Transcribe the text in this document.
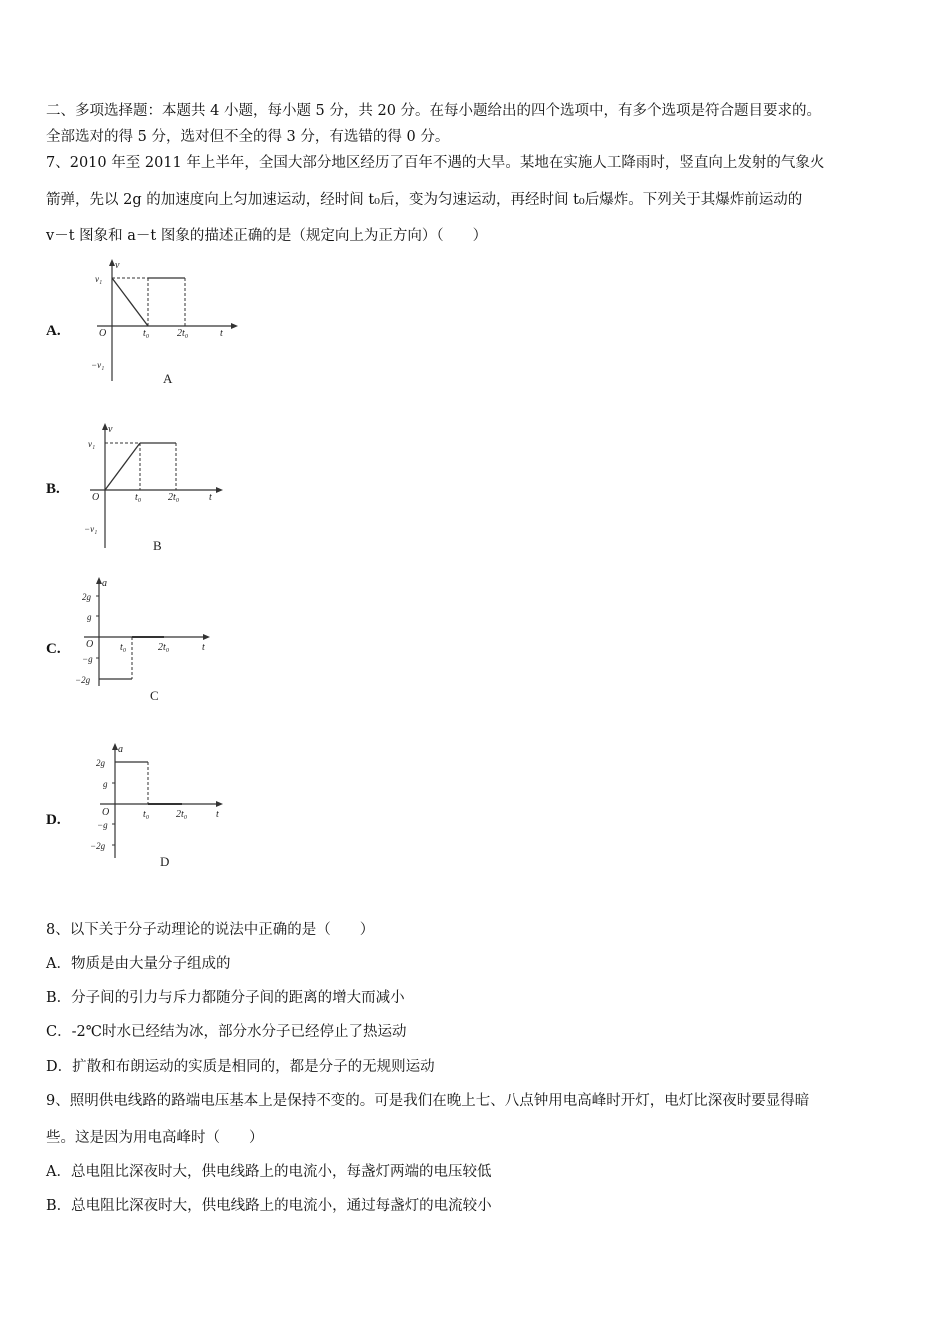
二、多项选择题：本题共 4 小题，每小题 5 分，共 20 分。在每小题给出的四个选项中，有多个选项是符合题目要求的。
全部选对的得 5 分，选对但不全的得 3 分，有选错的得 0 分。
7、2010 年至 2011 年上半年，全国大部分地区经历了百年不遇的大旱。某地在实施人工降雨时，竖直向上发射的气象火
箭弹，先以 2g 的加速度向上匀加速运动，经时间 t₀后，变为匀速运动，再经时间 t₀后爆炸。下列关于其爆炸前运动的
v－t 图象和 a－t 图象的描述正确的是（规定向上为正方向）（　　）
A.
v
v₁
O
−v₁
t₀	2t₀	t
A
B.
v
v₁
O
−v₁
t₀	2t₀	t
B
C.
a
2g
g
O
−g
−2g
t₀	2t₀	t
C
D.
a
2g
g
O
−g
−2g
t₀	2t₀	t
D
8、以下关于分子动理论的说法中正确的是（　　）
A．物质是由大量分子组成的
B．分子间的引力与斥力都随分子间的距离的增大而减小
C．-2℃时水已经结为冰，部分水分子已经停止了热运动
D．扩散和布朗运动的实质是相同的，都是分子的无规则运动
9、照明供电线路的路端电压基本上是保持不变的。可是我们在晚上七、八点钟用电高峰时开灯，电灯比深夜时要显得暗
些。这是因为用电高峰时（　　）
A．总电阻比深夜时大，供电线路上的电流小，每盏灯两端的电压较低
B．总电阻比深夜时大，供电线路上的电流小，通过每盏灯的电流较小
